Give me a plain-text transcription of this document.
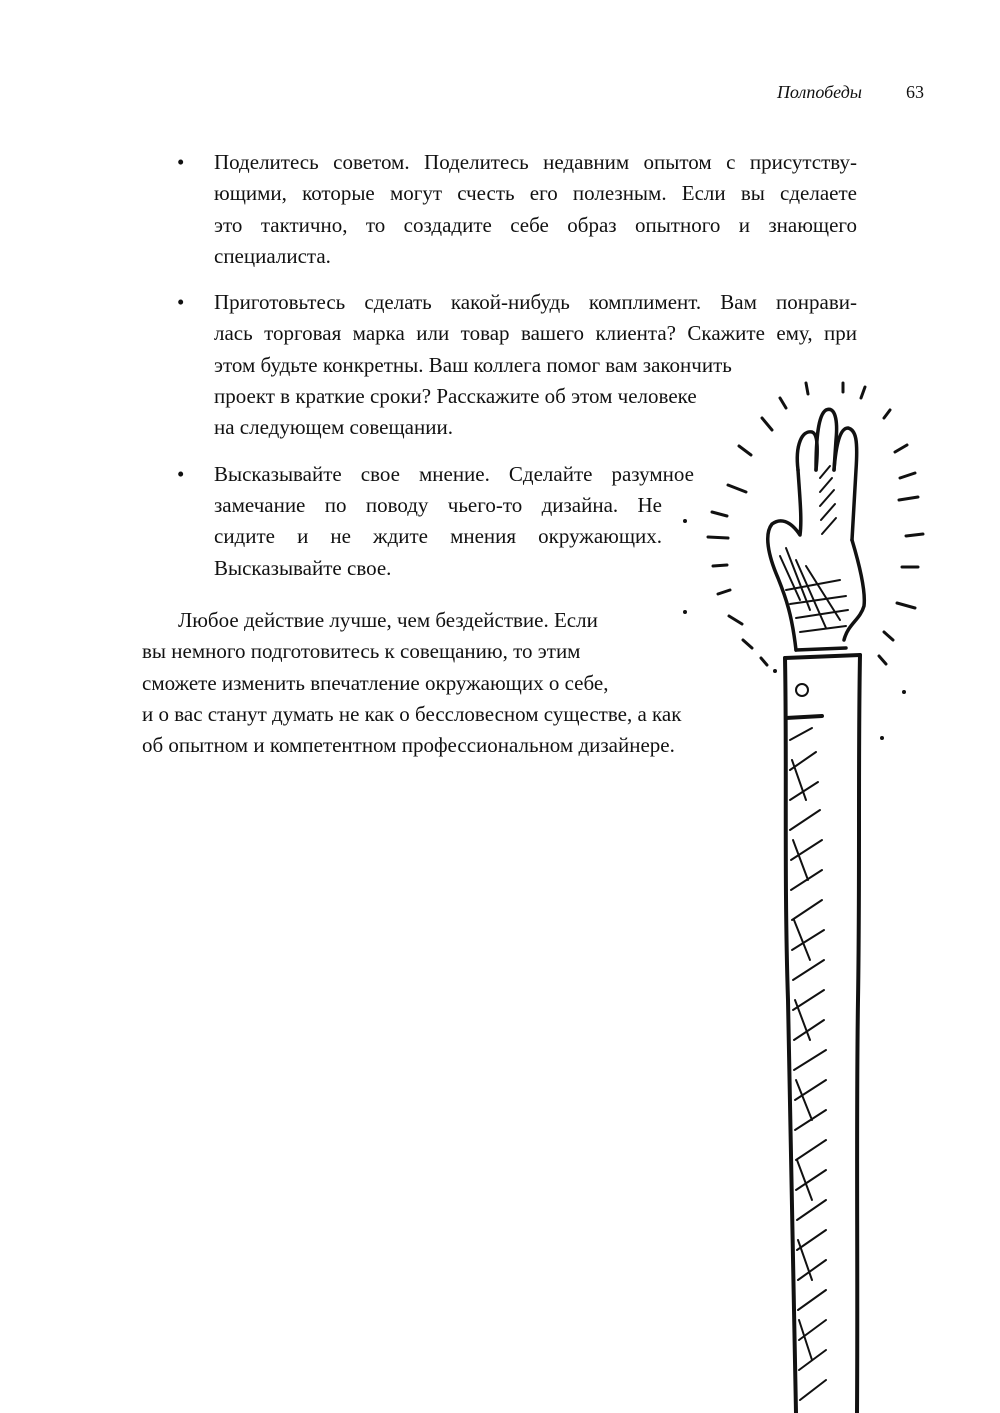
Полпобеды 63
• Поделитесь советом. Поделитесь недавним опытом с присутству-
ющими, которые могут счесть его полезным. Если вы сделаете
это тактично, то создадите себе образ опытного и знающего
специалиста.
• Приготовьтесь сделать какой-нибудь комплимент. Вам понрави-
лась торговая марка или товар вашего клиента? Скажите ему, при
этом будьте конкретны. Ваш коллега помог вам закончить
проект в краткие сроки? Расскажите об этом человеке
на следующем совещании.
• Высказывайте свое мнение. Сделайте разумное
замечание по поводу чьего-то дизайна. Не
сидите и не ждите мнения окружающих.
Высказывайте свое.
Любое действие лучше, чем бездействие. Если
вы немного подготовитесь к совещанию, то этим
сможете изменить впечатление окружающих о себе,
и о вас станут думать не как о бессловесном существе, а как
об опытном и компетентном профессиональном дизайнере.
